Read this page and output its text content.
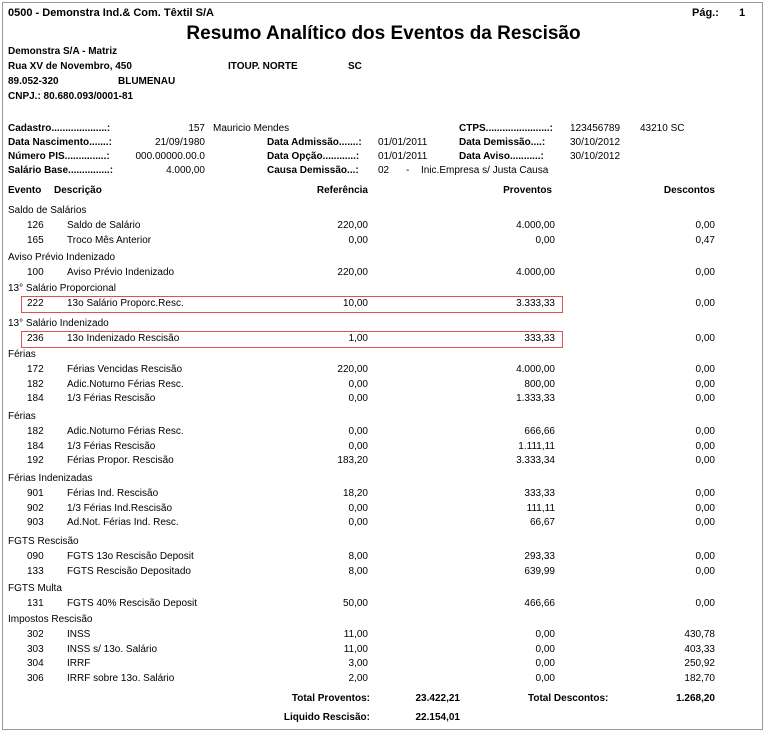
0500 - Demonstra Ind.& Com. Têxtil S/A	Pág.: 1
Resumo Analítico dos Eventos da Rescisão
Demonstra S/A - Matriz
Rua XV de Novembro, 450	ITOUP. NORTE	SC
89.052-320	BLUMENAU
CNPJ.: 80.680.093/0001-81
Cadastro....................:	157 Mauricio Mendes
Data Nascimento.......:	21/09/1980
Número PIS...............:	000.00000.00.0
Salário Base...............:	4.000,00
Data Admissão.......: 01/01/2011
Data Opção............: 01/01/2011
Causa Demissão...: 02 - Inic.Empresa s/ Justa Causa
CTPS.......................: 123456789 43210 SC
Data Demissão....: 30/10/2012
Data Aviso...........:	30/10/2012
Evento Descrição	Referência	Proventos	Descontos
Saldo de Salários
126 Saldo de Salário	220,00	4.000,00	0,00
165 Troco Mês Anterior	0,00	0,00	0,47
Aviso Prévio Indenizado
100 Aviso Prévio Indenizado	220,00	4.000,00	0,00
13° Salário Proporcional
222 13o Salário Proporc.Resc.	10,00	3.333,33	0,00
13° Salário Indenizado
236 13o Indenizado Rescisão	1,00	333,33	0,00
Férias
172 Férias Vencidas Rescisão	220,00	4.000,00	0,00
182 Adic.Noturno Férias Resc.	0,00	800,00	0,00
184 1/3 Férias Rescisão	0,00	1.333,33	0,00
Férias
182 Adic.Noturno Férias Resc.	0,00	666,66	0,00
184 1/3 Férias Rescisão	0,00	1.111,11	0,00
192 Férias Propor. Rescisão	183,20	3.333,34	0,00
Férias Indenizadas
901 Férias Ind. Rescisão	18,20	333,33	0,00
902 1/3 Férias Ind.Rescisão	0,00	111,11	0,00
903 Ad.Not. Férias Ind. Resc.	0,00	66,67	0,00
FGTS Rescisão
090 FGTS 13o Rescisão Deposit	8,00	293,33	0,00
133 FGTS Rescisão Depositado	8,00	639,99	0,00
FGTS Multa
131 FGTS 40% Rescisão Deposit	50,00	466,66	0,00
Impostos Rescisão
302 INSS	11,00	0,00	430,78
303 INSS s/ 13o. Salário	11,00	0,00	403,33
304 IRRF	3,00	0,00	250,92
306 IRRF sobre 13o. Salário	2,00	0,00	182,70
Total Proventos:	23.422,21	Total Descontos:	1.268,20
Liquido Rescisão:	22.154,01
